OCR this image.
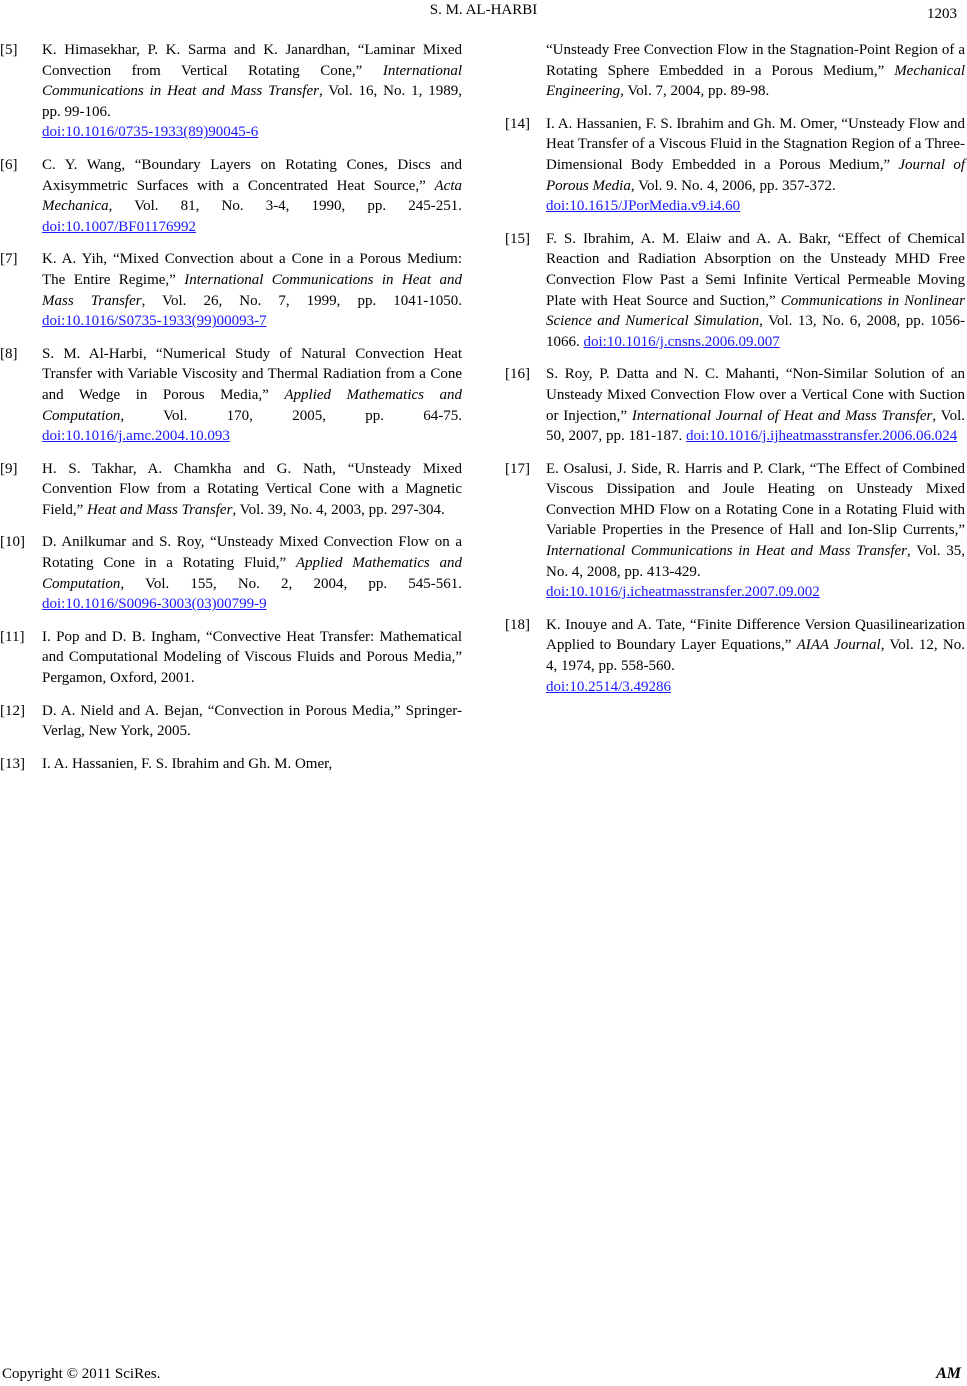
S. M. AL-HARBI	1203
[5]	K. Himasekhar, P. K. Sarma and K. Janardhan, “Laminar Mixed Convection from Vertical Rotating Cone,” International Communications in Heat and Mass Transfer, Vol. 16, No. 1, 1989, pp. 99-106.
doi:10.1016/0735-1933(89)90045-6
[6]	C. Y. Wang, “Boundary Layers on Rotating Cones, Discs and Axisymmetric Surfaces with a Concentrated Heat Source,” Acta Mechanica, Vol. 81, No. 3-4, 1990, pp. 245-251. doi:10.1007/BF01176992
[7]	K. A. Yih, “Mixed Convection about a Cone in a Porous Medium: The Entire Regime,” International Communications in Heat and Mass Transfer, Vol. 26, No. 7, 1999, pp. 1041-1050. doi:10.1016/S0735-1933(99)00093-7
[8]	S. M. Al-Harbi, “Numerical Study of Natural Convection Heat Transfer with Variable Viscosity and Thermal Radiation from a Cone and Wedge in Porous Media,” Applied Mathematics and Computation, Vol. 170, 2005, pp. 64-75. doi:10.1016/j.amc.2004.10.093
[9]	H. S. Takhar, A. Chamkha and G. Nath, “Unsteady Mixed Convention Flow from a Rotating Vertical Cone with a Magnetic Field,” Heat and Mass Transfer, Vol. 39, No. 4, 2003, pp. 297-304.
[10]	D. Anilkumar and S. Roy, “Unsteady Mixed Convection Flow on a Rotating Cone in a Rotating Fluid,” Applied Mathematics and Computation, Vol. 155, No. 2, 2004, pp. 545-561. doi:10.1016/S0096-3003(03)00799-9
[11]	I. Pop and D. B. Ingham, “Convective Heat Transfer: Mathematical and Computational Modeling of Viscous Fluids and Porous Media,” Pergamon, Oxford, 2001.
[12]	D. A. Nield and A. Bejan, “Convection in Porous Media,” Springer-Verlag, New York, 2005.
[13]	I. A. Hassanien, F. S. Ibrahim and Gh. M. Omer,
“Unsteady Free Convection Flow in the Stagnation-Point Region of a Rotating Sphere Embedded in a Porous Medium,” Mechanical Engineering, Vol. 7, 2004, pp. 89-98.
[14]	I. A. Hassanien, F. S. Ibrahim and Gh. M. Omer, “Unsteady Flow and Heat Transfer of a Viscous Fluid in the Stagnation Region of a Three-Dimensional Body Embedded in a Porous Medium,” Journal of Porous Media, Vol. 9. No. 4, 2006, pp. 357-372.
doi:10.1615/JPorMedia.v9.i4.60
[15]	F. S. Ibrahim, A. M. Elaiw and A. A. Bakr, “Effect of Chemical Reaction and Radiation Absorption on the Unsteady MHD Free Convection Flow Past a Semi Infinite Vertical Permeable Moving Plate with Heat Source and Suction,” Communications in Nonlinear Science and Numerical Simulation, Vol. 13, No. 6, 2008, pp. 1056-1066. doi:10.1016/j.cnsns.2006.09.007
[16]	S. Roy, P. Datta and N. C. Mahanti, “Non-Similar Solution of an Unsteady Mixed Convection Flow over a Vertical Cone with Suction or Injection,” International Journal of Heat and Mass Transfer, Vol. 50, 2007, pp. 181-187. doi:10.1016/j.ijheatmasstransfer.2006.06.024
[17]	E. Osalusi, J. Side, R. Harris and P. Clark, “The Effect of Combined Viscous Dissipation and Joule Heating on Unsteady Mixed Convection MHD Flow on a Rotating Cone in a Rotating Fluid with Variable Properties in the Presence of Hall and Ion-Slip Currents,” International Communications in Heat and Mass Transfer, Vol. 35, No. 4, 2008, pp. 413-429.
doi:10.1016/j.icheatmasstransfer.2007.09.002
[18]	K. Inouye and A. Tate, “Finite Difference Version Quasilinearization Applied to Boundary Layer Equations,” AIAA Journal, Vol. 12, No. 4, 1974, pp. 558-560.
doi:10.2514/3.49286
Copyright © 2011 SciRes.	AM
